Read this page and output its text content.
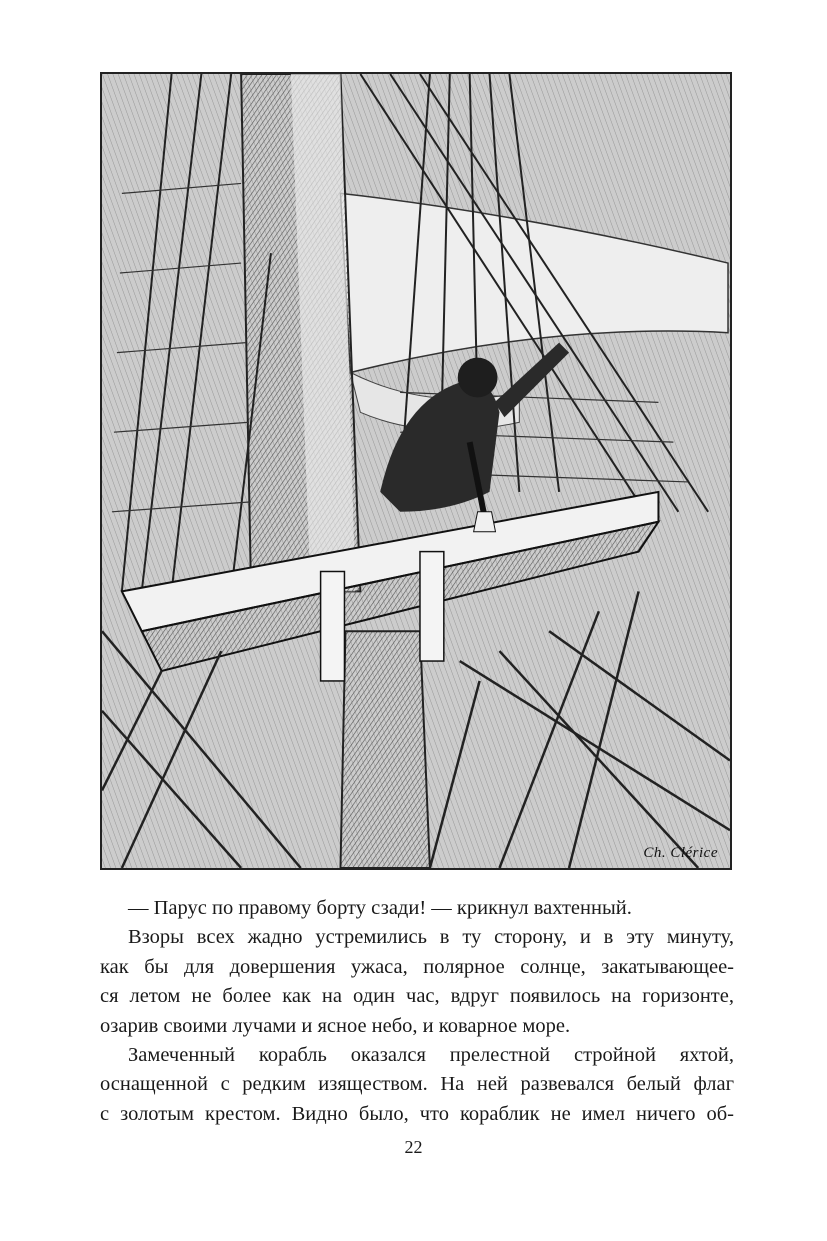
Ch. Clérice

— Парус по правому борту сзади! — крикнул вахтенный.

Взоры всех жадно устремились в ту сторону, и в эту минуту,
как бы для довершения ужаса, полярное солнце, закатывающее-
ся летом не более как на один час, вдруг появилось на горизонте,
озарив своими лучами и ясное небо, и коварное море.

Замеченный корабль оказался прелестной стройной яхтой,
оснащенной с редким изяществом. На ней развевался белый флаг
с золотым крестом. Видно было, что кораблик не имел ничего об-

22
